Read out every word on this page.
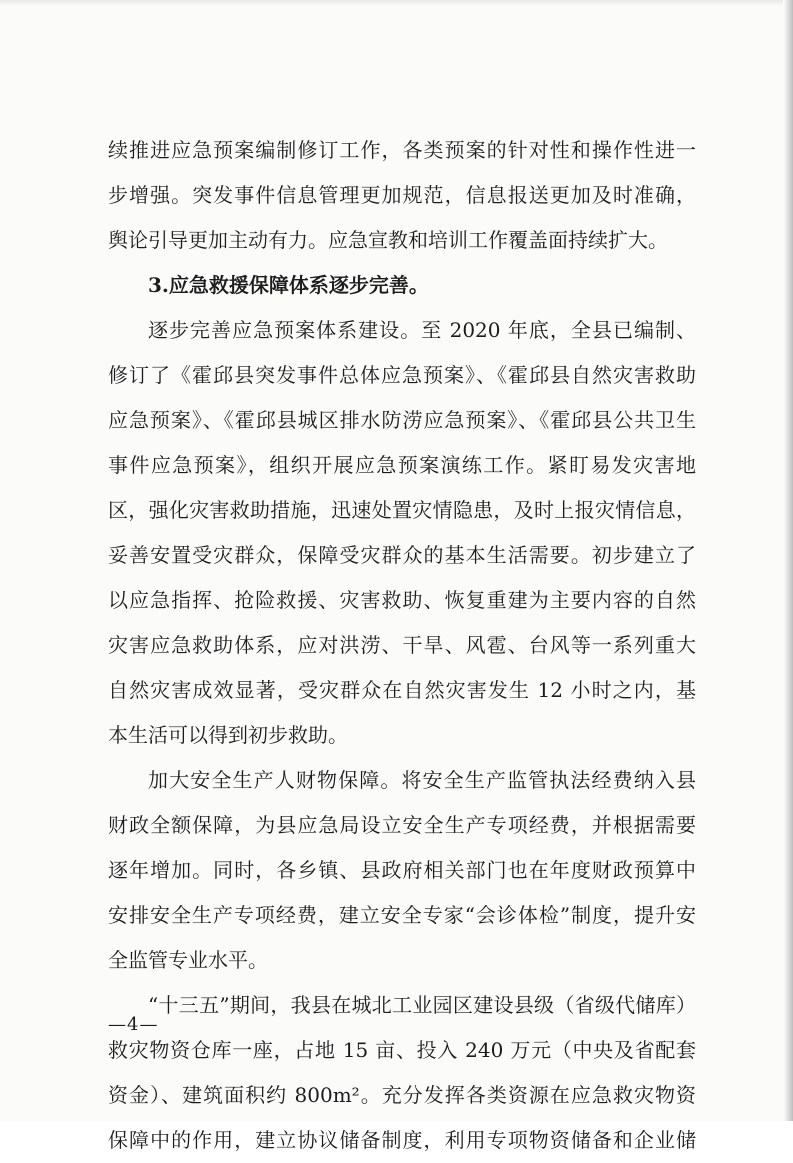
续推进应急预案编制修订工作，各类预案的针对性和操作性进一
步增强。突发事件信息管理更加规范，信息报送更加及时准确，
舆论引导更加主动有力。应急宣教和培训工作覆盖面持续扩大。
3.应急救援保障体系逐步完善。
逐步完善应急预案体系建设。至 2020 年底，全县已编制、
修订了《霍邱县突发事件总体应急预案》、《霍邱县自然灾害救助
应急预案》、《霍邱县城区排水防涝应急预案》、《霍邱县公共卫生
事件应急预案》，组织开展应急预案演练工作。紧盯易发灾害地
区，强化灾害救助措施，迅速处置灾情隐患，及时上报灾情信息，
妥善安置受灾群众，保障受灾群众的基本生活需要。初步建立了
以应急指挥、抢险救援、灾害救助、恢复重建为主要内容的自然
灾害应急救助体系，应对洪涝、干旱、风雹、台风等一系列重大
自然灾害成效显著，受灾群众在自然灾害发生 12 小时之内，基
本生活可以得到初步救助。
加大安全生产人财物保障。将安全生产监管执法经费纳入县
财政全额保障，为县应急局设立安全生产专项经费，并根据需要
逐年增加。同时，各乡镇、县政府相关部门也在年度财政预算中
安排安全生产专项经费，建立安全专家“会诊体检”制度，提升安
全监管专业水平。
“十三五”期间，我县在城北工业园区建设县级（省级代储库）
救灾物资仓库一座，占地 15 亩、投入 240 万元（中央及省配套
资金）、建筑面积约 800m²。充分发挥各类资源在应急救灾物资
保障中的作用，建立协议储备制度，利用专项物资储备和企业储
—4—
